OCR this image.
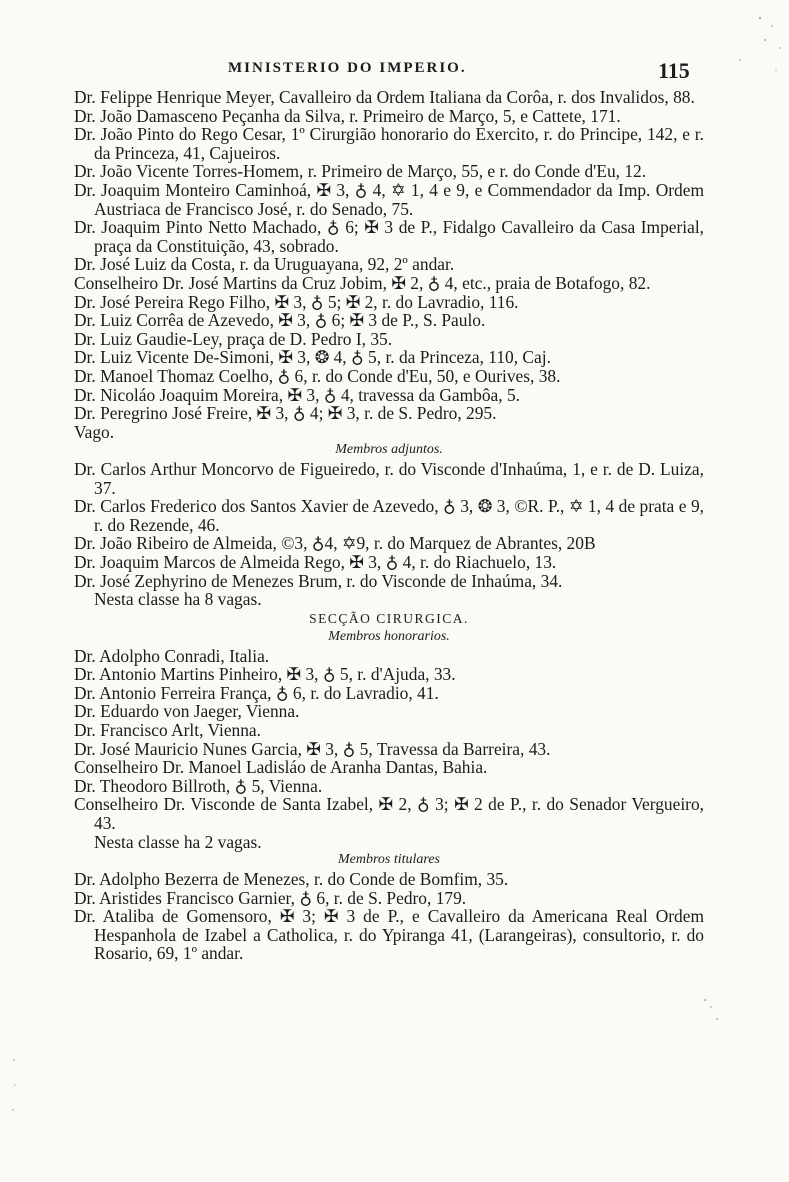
MINISTERIO DO IMPERIO.	115

Dr. Felippe Henrique Meyer, Cavalleiro da Ordem Italiana da Corôa, r. dos Invalidos, 88.

Dr. João Damasceno Peçanha da Silva, r. Primeiro de Março, 5, e Cattete, 171.

Dr. João Pinto do Rego Cesar, 1º Cirurgião honorario do Exercito, r. do Principe, 142, e r. da Princeza, 41, Cajueiros.

Dr. João Vicente Torres-Homem, r. Primeiro de Março, 55, e r. do Conde d'Eu, 12.

Dr. Joaquim Monteiro Caminhoá, ✠ 3, ♁ 4, ✡ 1, 4 e 9, e Commendador da Imp. Ordem Austriaca de Francisco José, r. do Senado, 75.

Dr. Joaquim Pinto Netto Machado, ♁ 6; ✠ 3 de P., Fidalgo Cavalleiro da Casa Imperial, praça da Constituição, 43, sobrado.

Dr. José Luiz da Costa, r. da Uruguayana, 92, 2º andar.

Conselheiro Dr. José Martins da Cruz Jobim, ✠ 2, ♁ 4, etc., praia de Botafogo, 82.

Dr. José Pereira Rego Filho, ✠ 3, ♁ 5; ✠ 2, r. do Lavradio, 116.

Dr. Luiz Corrêa de Azevedo, ✠ 3, ♁ 6; ✠ 3 de P., S. Paulo.

Dr. Luiz Gaudie-Ley, praça de D. Pedro I, 35.

Dr. Luiz Vicente De-Simoni, ✠ 3, ❂ 4, ♁ 5, r. da Princeza, 110, Caj.

Dr. Manoel Thomaz Coelho, ♁ 6, r. do Conde d'Eu, 50, e Ourives, 38.

Dr. Nicoláo Joaquim Moreira, ✠ 3, ♁ 4, travessa da Gambôa, 5.

Dr. Peregrino José Freire, ✠ 3, ♁ 4; ✠ 3, r. de S. Pedro, 295.

Vago.

Membros adjuntos.

Dr. Carlos Arthur Moncorvo de Figueiredo, r. do Visconde d'Inhaúma, 1, e r. de D. Luiza, 37.

Dr. Carlos Frederico dos Santos Xavier de Azevedo, ♁ 3, ❂ 3, ©R. P., ✡ 1, 4 de prata e 9, r. do Rezende, 46.

Dr. João Ribeiro de Almeida, ©3, ♁4, ✡9, r. do Marquez de Abrantes, 20B

Dr. Joaquim Marcos de Almeida Rego, ✠ 3, ♁ 4, r. do Riachuelo, 13.

Dr. José Zephyrino de Menezes Brum, r. do Visconde de Inhaúma, 34.

Nesta classe ha 8 vagas.

SECÇÃO CIRURGICA.

Membros honorarios.

Dr. Adolpho Conradi, Italia.

Dr. Antonio Martins Pinheiro, ✠ 3, ♁ 5, r. d'Ajuda, 33.

Dr. Antonio Ferreira França, ♁ 6, r. do Lavradio, 41.

Dr. Eduardo von Jaeger, Vienna.

Dr. Francisco Arlt, Vienna.

Dr. José Mauricio Nunes Garcia, ✠ 3, ♁ 5, Travessa da Barreira, 43.

Conselheiro Dr. Manoel Ladisláo de Aranha Dantas, Bahia.

Dr. Theodoro Billroth, ♁ 5, Vienna.

Conselheiro Dr. Visconde de Santa Izabel, ✠ 2, ♁ 3; ✠ 2 de P., r. do Senador Vergueiro, 43.

Nesta classe ha 2 vagas.

Membros titulares

Dr. Adolpho Bezerra de Menezes, r. do Conde de Bomfim, 35.

Dr. Aristides Francisco Garnier, ♁ 6, r. de S. Pedro, 179.

Dr. Ataliba de Gomensoro, ✠ 3; ✠ 3 de P., e Cavalleiro da Americana Real Ordem Hespanhola de Izabel a Catholica, r. do Ypiranga 41, (Larangeiras), consultorio, r. do Rosario, 69, 1º andar.
